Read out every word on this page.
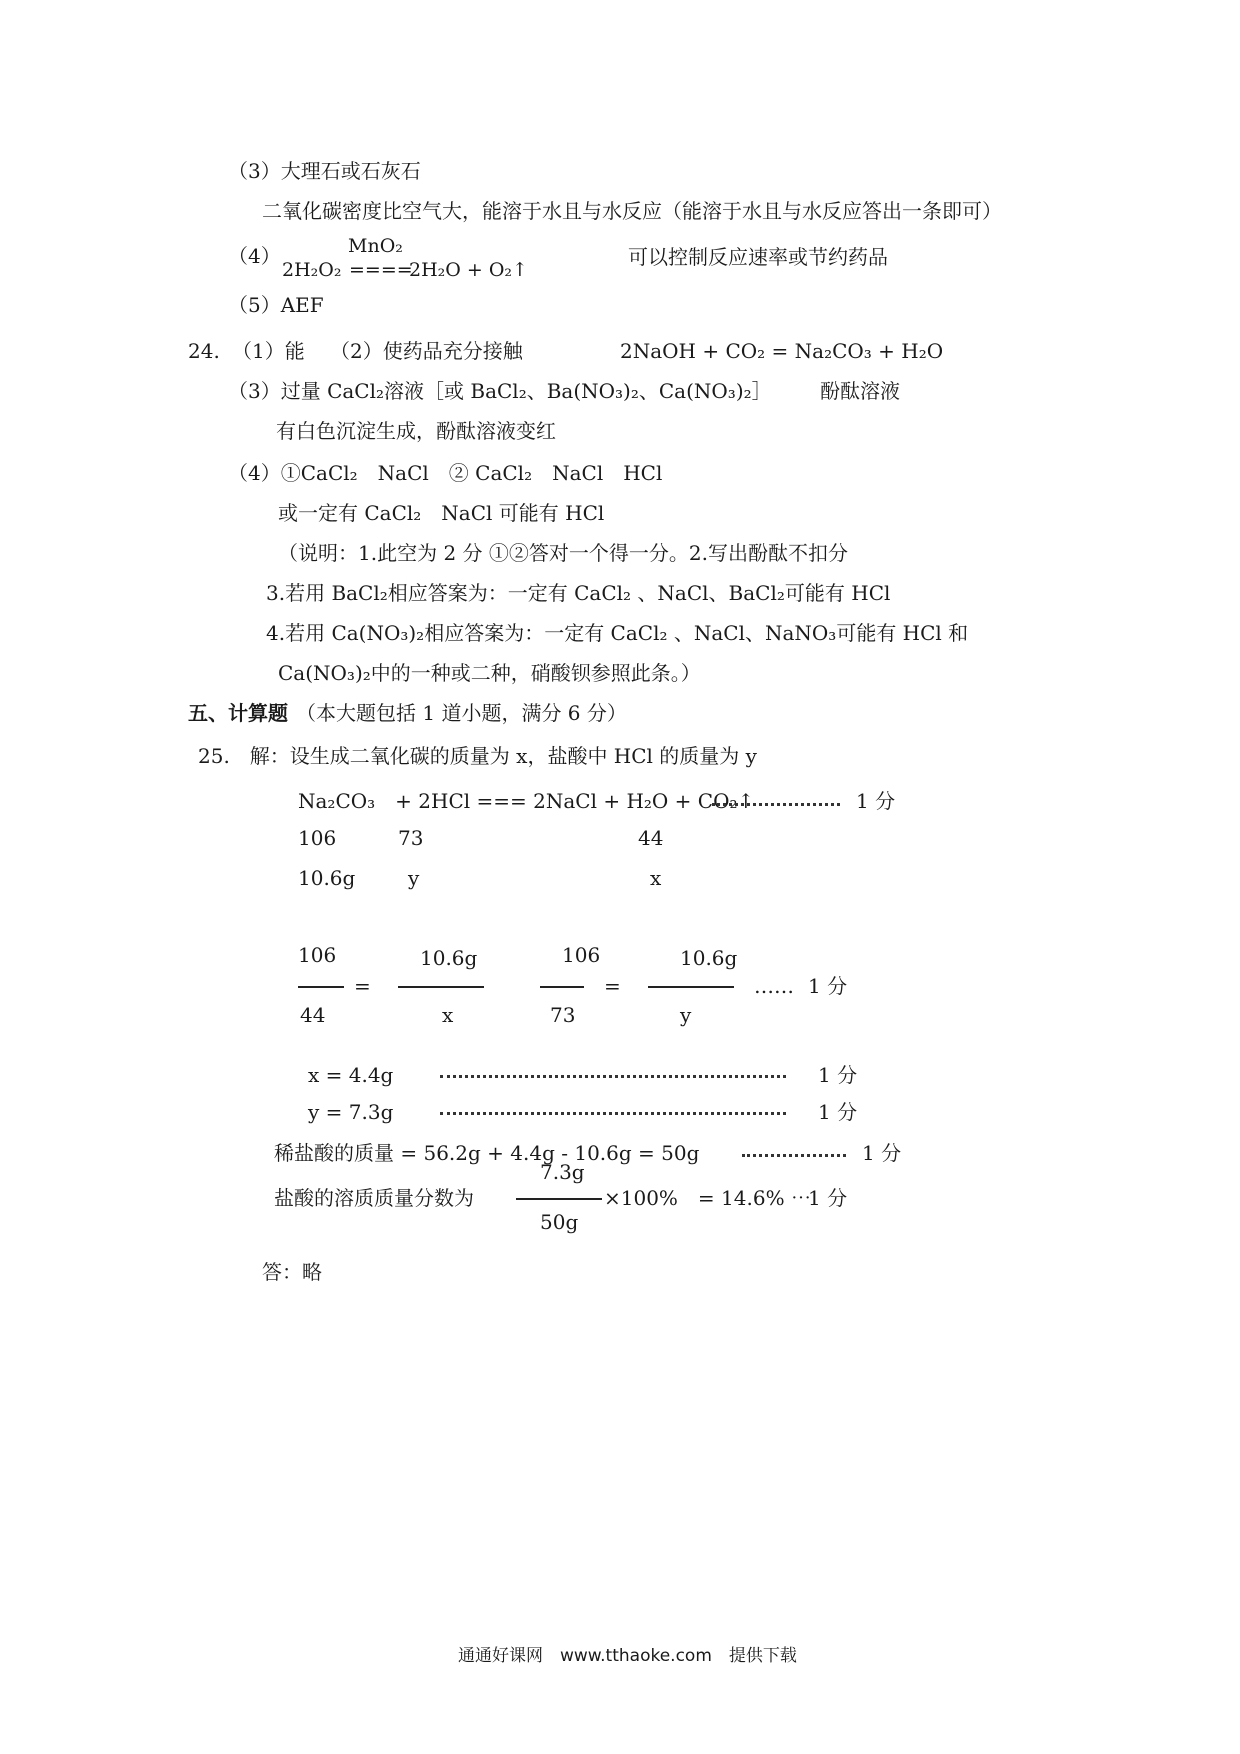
（3）大理石或石灰石
二氧化碳密度比空气大，能溶于水且与水反应（能溶于水且与水反应答出一条即可）
（4）	MnO₂
2H₂O₂ ====
2H₂O + O₂↑
可以控制反应速率或节约药品
（5）AEF
24. （1）能 （2）使药品充分接触	2NaOH + CO₂ = Na₂CO₃ + H₂O
（3）过量 CaCl₂溶液［或 BaCl₂、Ba(NO₃)₂、Ca(NO₃)₂］ 酚酞溶液
有白色沉淀生成，酚酞溶液变红
（4）①CaCl₂　NaCl　② CaCl₂　NaCl　HCl
或一定有 CaCl₂　NaCl 可能有 HCl
（说明：1.此空为 2 分 ①②答对一个得一分。2.写出酚酞不扣分
3.若用 BaCl₂相应答案为：一定有 CaCl₂ 、NaCl、BaCl₂可能有 HCl
4.若用 Ca(NO₃)₂相应答案为：一定有 CaCl₂ 、NaCl、NaNO₃可能有 HCl 和
Ca(NO₃)₂中的一种或二种，硝酸钡参照此条。）
五、计算题 （本大题包括 1 道小题，满分 6 分）
25.　解：设生成二氧化碳的质量为 x，盐酸中 HCl 的质量为 y
Na₂CO₃　+ 2HCl === 2NaCl + H₂O + CO₂↑	1 分
106	73	44
10.6g	y	x
106
44
=
10.6g
x
106
73
=
10.6g
y
…… 1 分
x = 4.4g	1 分
y = 7.3g	1 分
稀盐酸的质量 = 56.2g + 4.4g - 10.6g = 50g	1 分
盐酸的溶质质量分数为
7.3g
50g
×100%　= 14.6% ⋯
1 分
答：略
通通好课网　www.tthaoke.com　提供下载
